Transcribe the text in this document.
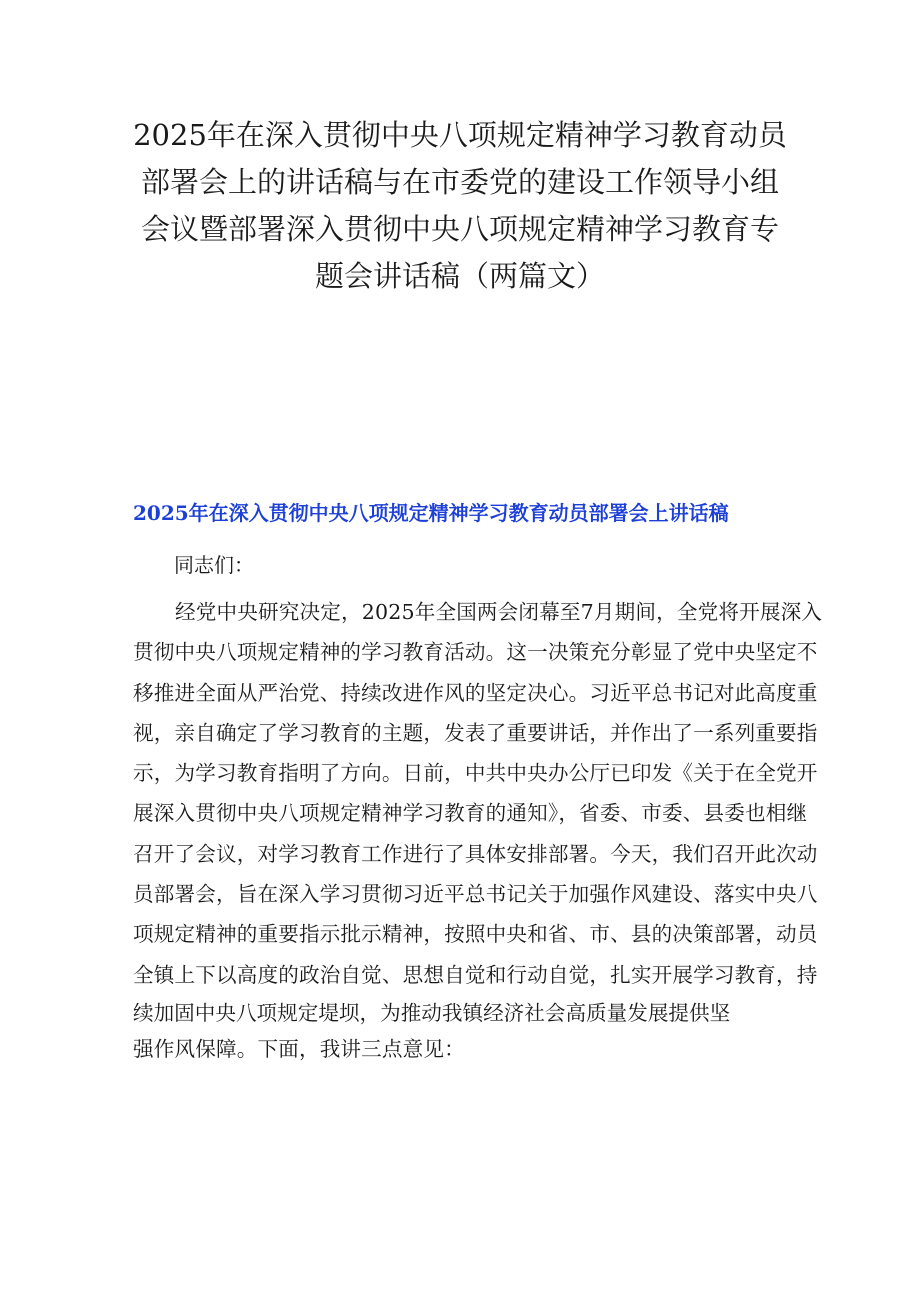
2025年在深入贯彻中央八项规定精神学习教育动员
部署会上的讲话稿与在市委党的建设工作领导小组
会议暨部署深入贯彻中央八项规定精神学习教育专
题会讲话稿（两篇文）
2025年在深入贯彻中央八项规定精神学习教育动员部署会上讲话稿

同志们：

经党中央研究决定，2025年全国两会闭幕至7月期间，全党将开展深入
贯彻中央八项规定精神的学习教育活动。这一决策充分彰显了党中央坚定不
移推进全面从严治党、持续改进作风的坚定决心。习近平总书记对此高度重
视，亲自确定了学习教育的主题，发表了重要讲话，并作出了一系列重要指
示，为学习教育指明了方向。日前，中共中央办公厅已印发《关于在全党开
展深入贯彻中央八项规定精神学习教育的通知》，省委、市委、县委也相继
召开了会议，对学习教育工作进行了具体安排部署。今天，我们召开此次动
员部署会，旨在深入学习贯彻习近平总书记关于加强作风建设、落实中央八
项规定精神的重要指示批示精神，按照中央和省、市、县的决策部署，动员
全镇上下以高度的政治自觉、思想自觉和行动自觉，扎实开展学习教育，持
续加固中央八项规定堤坝，为推动我镇经济社会高质量发展提供坚
强作风保障。下面，我讲三点意见：
